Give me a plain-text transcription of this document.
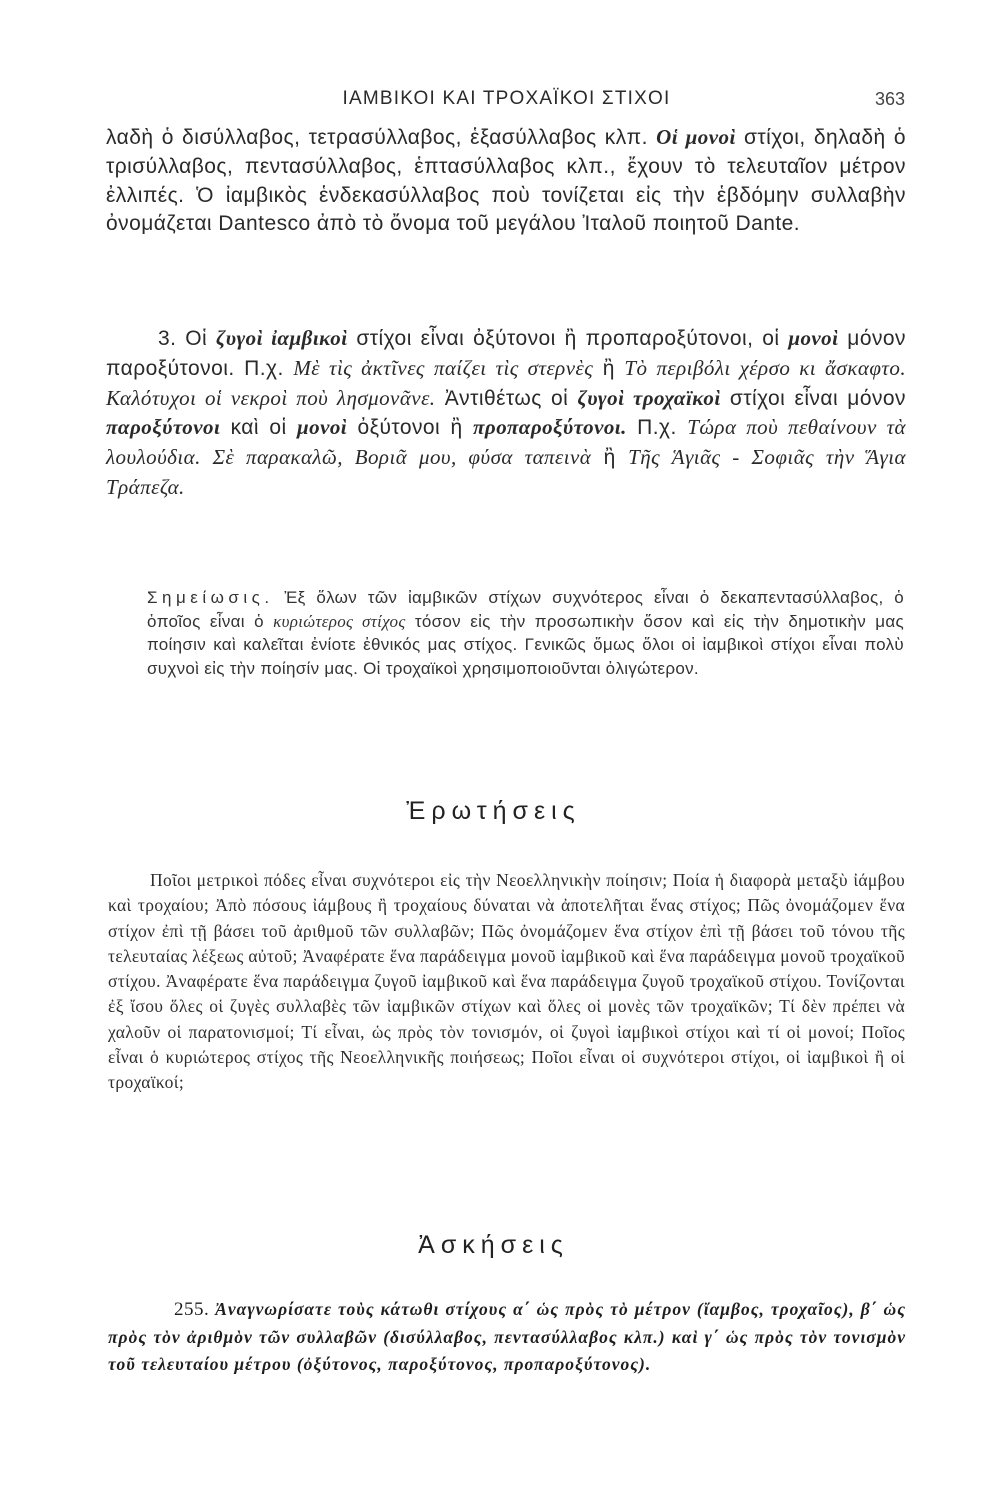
ΙΑΜΒΙΚΟΙ ΚΑΙ ΤΡΟΧΑΪΚΟΙ ΣΤΙΧΟΙ	363

λαδὴ ὁ δισύλλαβος, τετρασύλλαβος, ἑξασύλλαβος κλπ. Οἱ μονοὶ στίχοι, δηλαδὴ ὁ τρισύλλαβος, πεντασύλλαβος, ἑπτασύλλαβος κλπ., ἔχουν τὸ τελευταῖον μέτρον ἐλλιπές. Ὁ ἰαμβικὸς ἑνδεκασύλλαβος ποὺ τονίζεται εἰς τὴν ἑβδόμην συλλαβὴν ὀνομάζεται Dantesco ἀπὸ τὸ ὄνομα τοῦ μεγάλου Ἰταλοῦ ποιητοῦ Dante.

3. Οἱ ζυγοὶ ἰαμβικοὶ στίχοι εἶναι ὀξύτονοι ἢ προπαροξύτονοι, οἱ μονοὶ μόνον παροξύτονοι. Π.χ. Μὲ τὶς ἀκτῖνες παίζει τὶς στερνὲς ἢ Τὸ περιβόλι χέρσο κι ἄσκαφτο. Καλότυχοι οἱ νεκροὶ ποὺ λησμονᾶνε. Ἀντιθέτως οἱ ζυγοὶ τροχαϊκοὶ στίχοι εἶναι μόνον παροξύτονοι καὶ οἱ μονοὶ ὀξύτονοι ἢ προπαροξύτονοι. Π.χ. Τώρα ποὺ πεθαίνουν τὰ λουλούδια. Σὲ παρακαλῶ, Βοριᾶ μου, φύσα ταπεινὰ ἢ Τῆς Ἁγιᾶς - Σοφιᾶς τὴν Ἅγια Τράπεζα.

Σημείωσις. Ἐξ ὅλων τῶν ἰαμβικῶν στίχων συχνότερος εἶναι ὁ δεκαπεντασύλλαβος, ὁ ὁποῖος εἶναι ὁ κυριώτερος στίχος τόσον εἰς τὴν προσωπικὴν ὅσον καὶ εἰς τὴν δημοτικὴν μας ποίησιν καὶ καλεῖται ἐνίοτε ἐθνικός μας στίχος. Γενικῶς ὅμως ὅλοι οἱ ἰαμβικοὶ στίχοι εἶναι πολὺ συχνοὶ εἰς τὴν ποίησίν μας. Οἱ τροχαϊκοὶ χρησιμοποιοῦνται ὀλιγώτερον.
Ἐρωτήσεις

Ποῖοι μετρικοὶ πόδες εἶναι συχνότεροι εἰς τὴν Νεοελληνικὴν ποίησιν; Ποία ἡ διαφορὰ μεταξὺ ἰάμβου καὶ τροχαίου; Ἀπὸ πόσους ἰάμβους ἢ τροχαίους δύναται νὰ ἀποτελῆται ἕνας στίχος; Πῶς ὀνομάζομεν ἕνα στίχον ἐπὶ τῇ βάσει τοῦ ἀριθμοῦ τῶν συλλαβῶν; Πῶς ὀνομάζομεν ἕνα στίχον ἐπὶ τῇ βάσει τοῦ τόνου τῆς τελευταίας λέξεως αὐτοῦ; Ἀναφέρατε ἕνα παράδειγμα μονοῦ ἰαμβικοῦ καὶ ἕνα παράδειγμα μονοῦ τροχαϊκοῦ στίχου. Ἀναφέρατε ἕνα παράδειγμα ζυγοῦ ἰαμβικοῦ καὶ ἕνα παράδειγμα ζυγοῦ τροχαϊκοῦ στίχου. Τονίζονται ἐξ ἴσου ὅλες οἱ ζυγὲς συλλαβὲς τῶν ἰαμβικῶν στίχων καὶ ὅλες οἱ μονὲς τῶν τροχαϊκῶν; Τί δὲν πρέπει νὰ χαλοῦν οἱ παρατονισμοί; Τί εἶναι, ὡς πρὸς τὸν τονισμόν, οἱ ζυγοὶ ἰαμβικοὶ στίχοι καὶ τί οἱ μονοί; Ποῖος εἶναι ὁ κυριώτερος στίχος τῆς Νεοελληνικῆς ποιήσεως; Ποῖοι εἶναι οἱ συχνότεροι στίχοι, οἱ ἰαμβικοὶ ἢ οἱ τροχαϊκοί;

Ἀσκήσεις

255. Ἀναγνωρίσατε τοὺς κάτωθι στίχους α΄ ὡς πρὸς τὸ μέτρον (ἴαμβος, τροχαῖος), β΄ ὡς πρὸς τὸν ἀριθμὸν τῶν συλλαβῶν (δισύλλαβος, πεντασύλλαβος κλπ.) καὶ γ΄ ὡς πρὸς τὸν τονισμὸν τοῦ τελευταίου μέτρου (ὀξύτονος, παροξύτονος, προπαροξύτονος).
